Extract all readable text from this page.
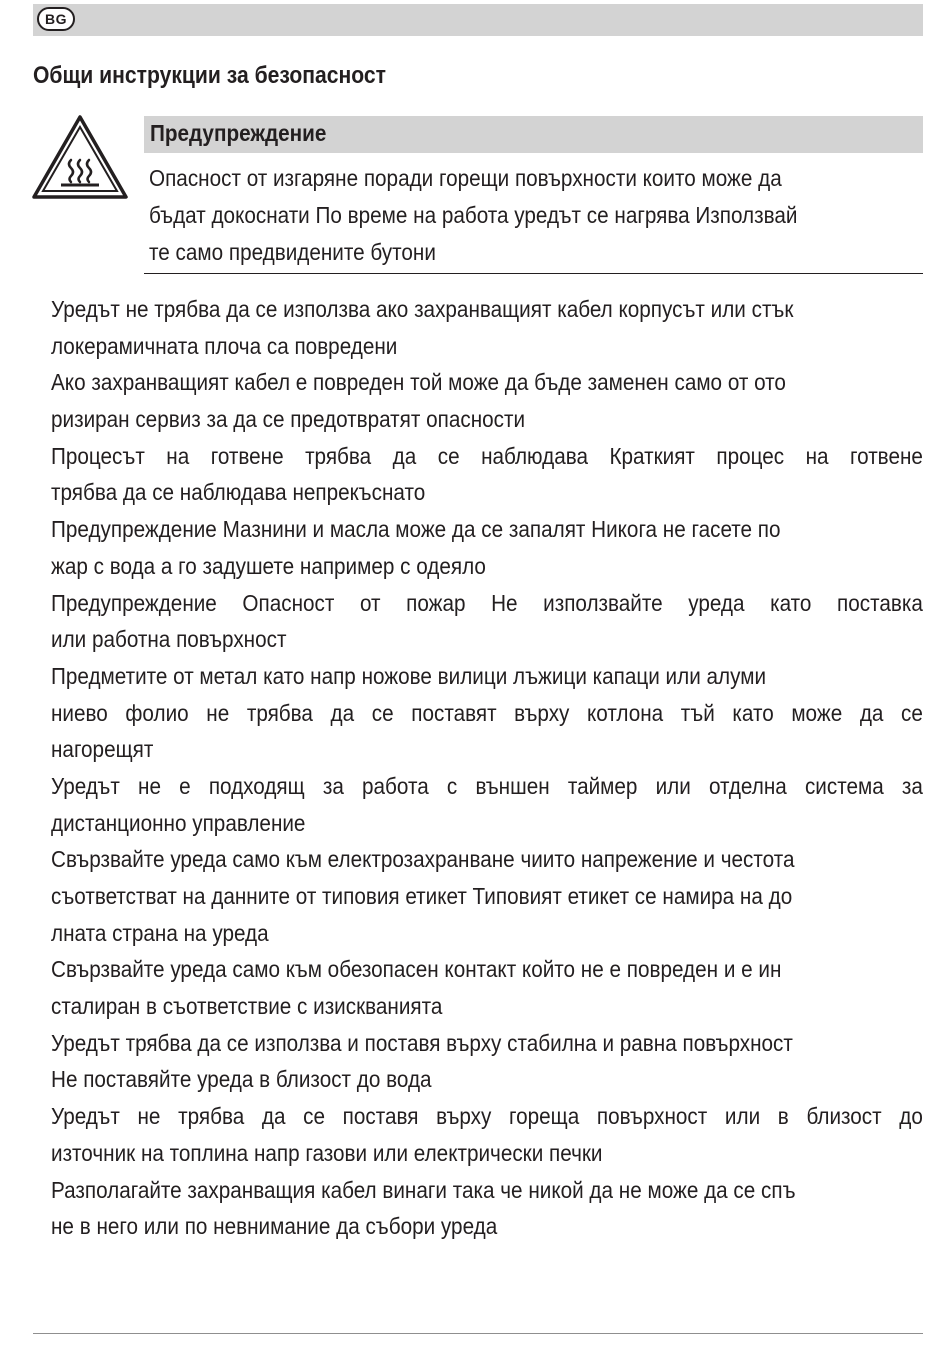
BG
Общи инструкции за безопасност
Предупреждение
Опасност от изгаряне поради горещи повърхности които може да
бъдат докоснати По време на работа уредът се нагрява Използвай
те само предвидените бутони
Уредът не трябва да се използва ако захранващият кабел корпусът или стък
локерамичната плоча са повредени
Ако захранващият кабел е повреден той може да бъде заменен само от ото
ризиран сервиз за да се предотвратят опасности
Процесът на готвене трябва да се наблюдава Краткият процес на готвене
трябва да се наблюдава непрекъснато
Предупреждение Мазнини и масла може да се запалят Никога не гасете по
жар с вода а го задушете например с одеяло
Предупреждение Опасност от пожар Не използвайте уреда като поставка
или работна повърхност
Предметите от метал като напр ножове вилици лъжици капаци или алуми
ниево фолио не трябва да се поставят върху котлона тъй като може да се
нагорещят
Уредът не е подходящ за работа с външен таймер или отделна система за
дистанционно управление
Свързвайте уреда само към електрозахранване чиито напрежение и честота
съответстват на данните от типовия етикет Типовият етикет се намира на до
лната страна на уреда
Свързвайте уреда само към обезопасен контакт който не е повреден и е ин
сталиран в съответствие с изискванията
Уредът трябва да се използва и поставя върху стабилна и равна повърхност
Не поставяйте уреда в близост до вода
Уредът не трябва да се поставя върху гореща повърхност или в близост до
източник на топлина напр газови или електрически печки
Разполагайте захранващия кабел винаги така че никой да не може да се спъ
не в него или по невнимание да събори уреда
